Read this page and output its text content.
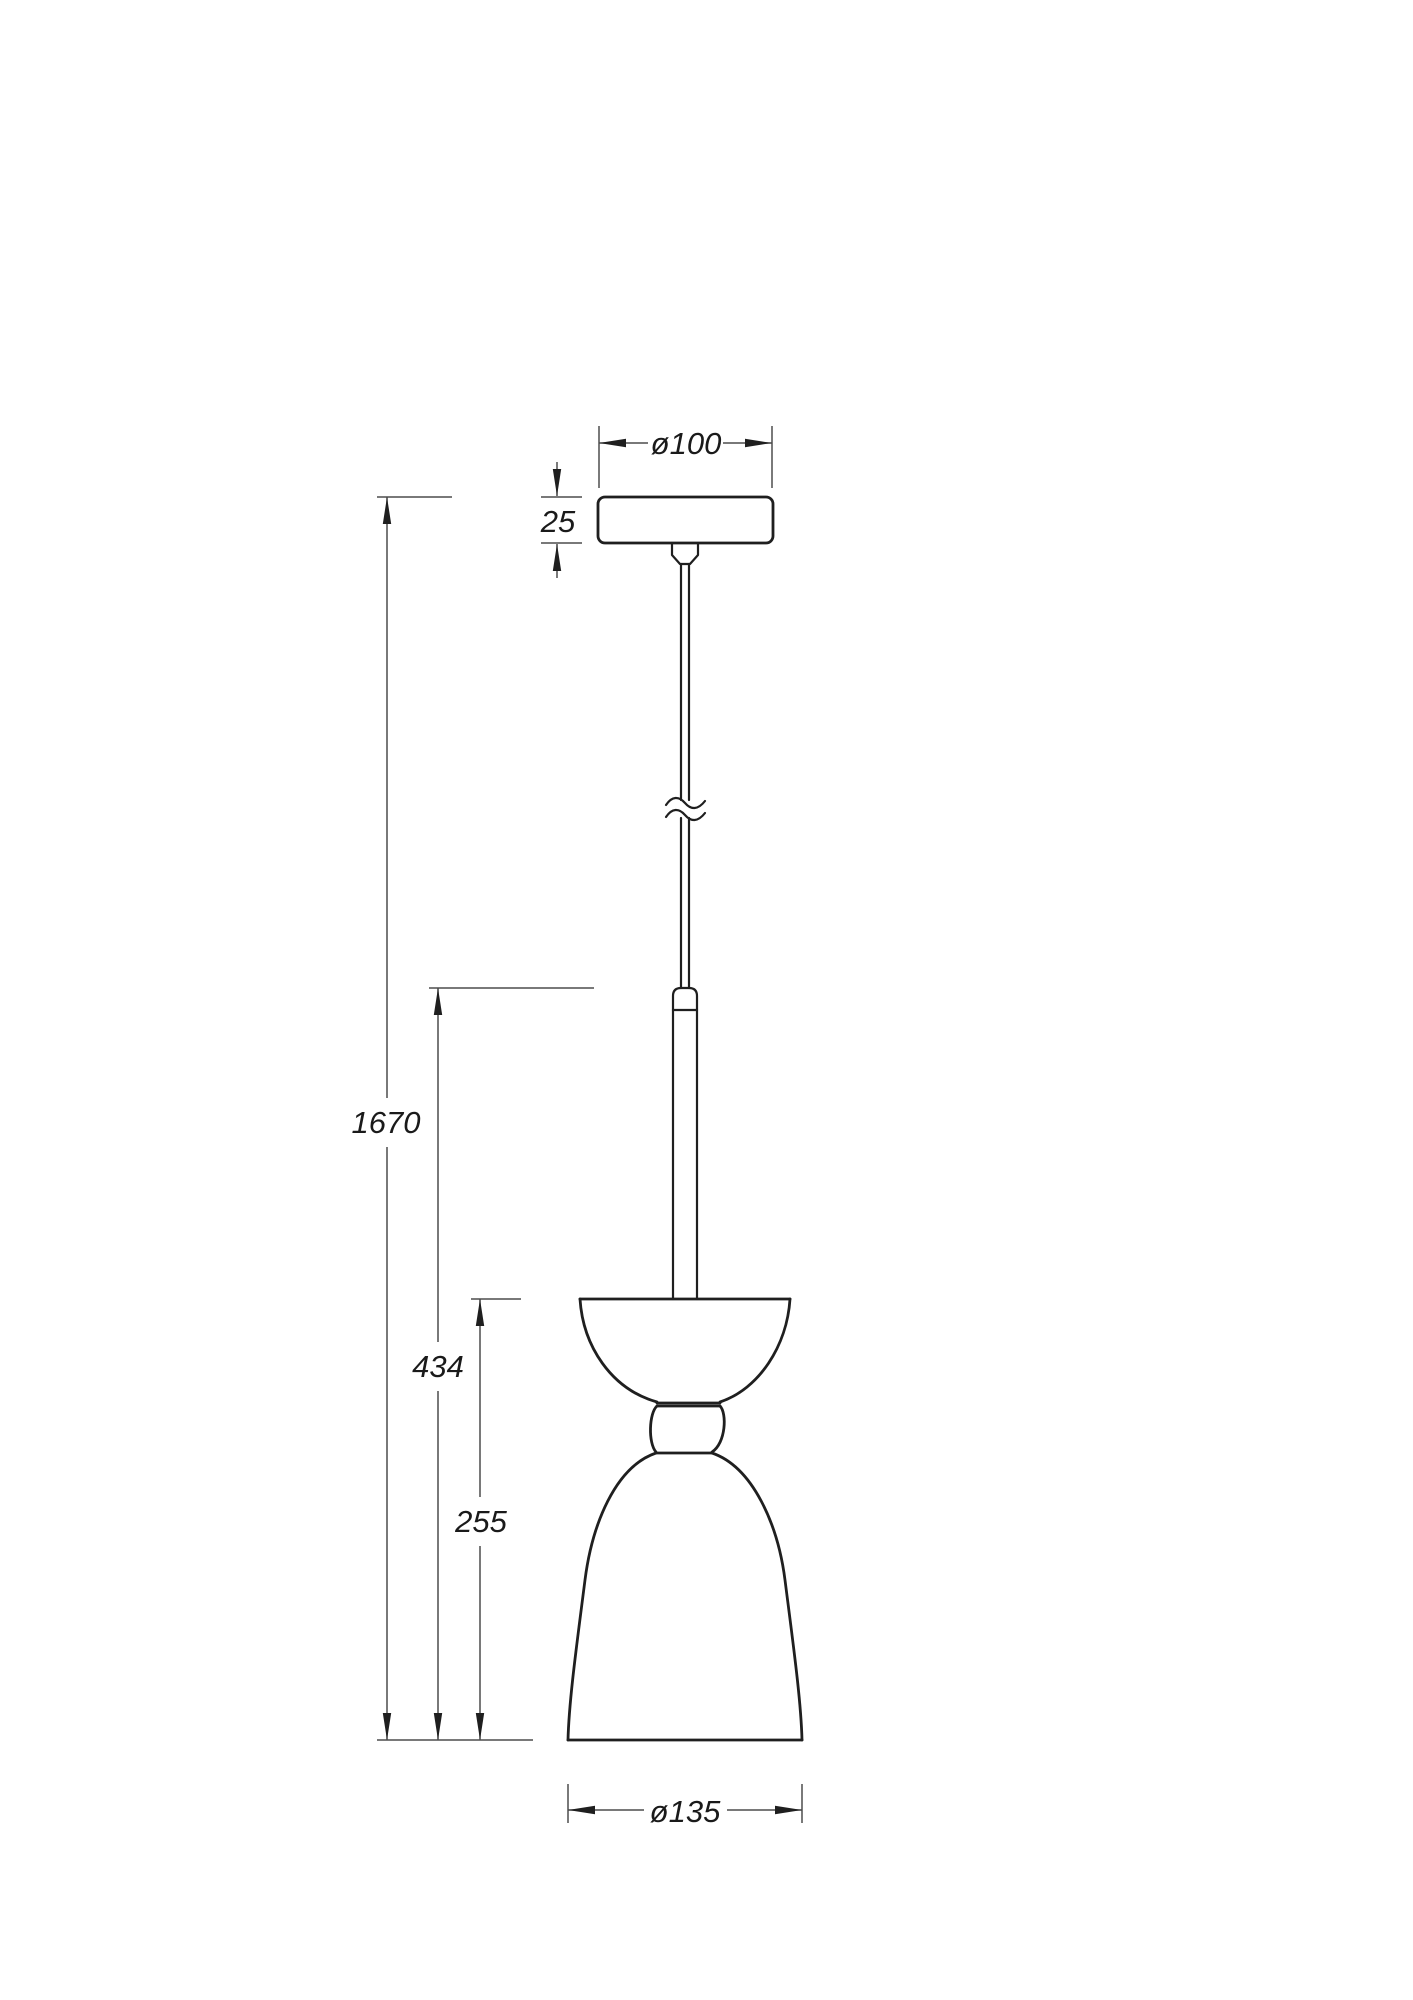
ø100
25
1670
434
255
ø135
